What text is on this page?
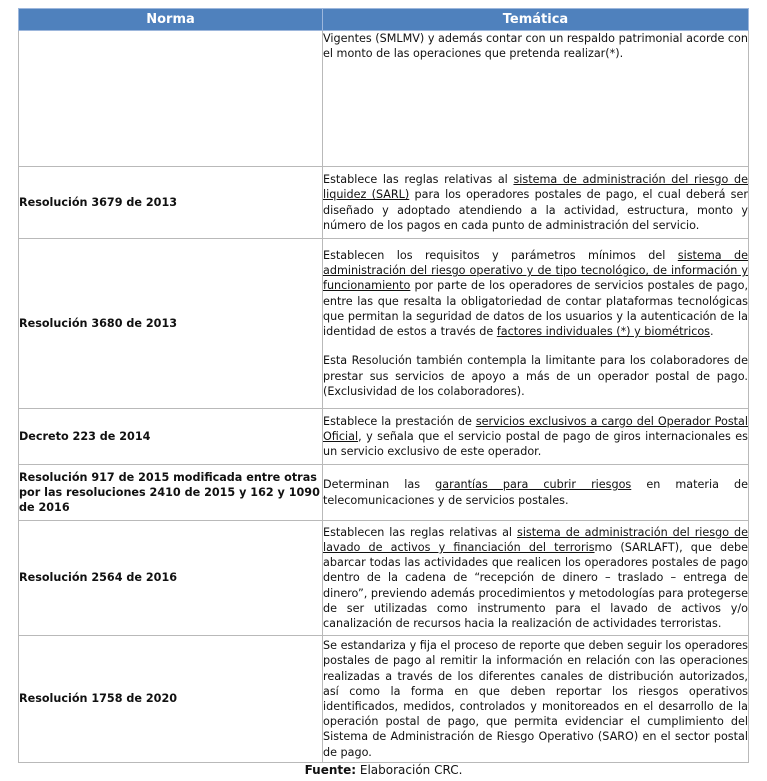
Norma	Temática

	Vigentes (SMLMV) y además contar con un respaldo patrimonial acorde con el monto de las operaciones que pretenda realizar(*).

Resolución 3679 de 2013	Establece las reglas relativas al sistema de administración del riesgo de liquidez (SARL) para los operadores postales de pago, el cual deberá ser diseñado y adoptado atendiendo a la actividad, estructura, monto y número de los pagos en cada punto de administración del servicio.

Resolución 3680 de 2013	Establecen los requisitos y parámetros mínimos del sistema de administración del riesgo operativo y de tipo tecnológico, de información y funcionamiento por parte de los operadores de servicios postales de pago, entre las que resalta la obligatoriedad de contar plataformas tecnológicas que permitan la seguridad de datos de los usuarios y la autenticación de la identidad de estos a través de factores individuales (*) y biométricos.

Esta Resolución también contempla la limitante para los colaboradores de prestar sus servicios de apoyo a más de un operador postal de pago. (Exclusividad de los colaboradores).

Decreto 223 de 2014	Establece la prestación de servicios exclusivos a cargo del Operador Postal Oficial, y señala que el servicio postal de pago de giros internacionales es un servicio exclusivo de este operador.

Resolución 917 de 2015 modificada entre otras por las resoluciones 2410 de 2015 y 162 y 1090 de 2016	Determinan las garantías para cubrir riesgos en materia de telecomunicaciones y de servicios postales.

Resolución 2564 de 2016	Establecen las reglas relativas al sistema de administración del riesgo de lavado de activos y financiación del terrorismo (SARLAFT), que debe abarcar todas las actividades que realicen los operadores postales de pago dentro de la cadena de “recepción de dinero – traslado – entrega de dinero”, previendo además procedimientos y metodologías para protegerse de ser utilizadas como instrumento para el lavado de activos y/o canalización de recursos hacia la realización de actividades terroristas.

Resolución 1758 de 2020	Se estandariza y fija el proceso de reporte que deben seguir los operadores postales de pago al remitir la información en relación con las operaciones realizadas a través de los diferentes canales de distribución autorizados, así como la forma en que deben reportar los riesgos operativos identificados, medidos, controlados y monitoreados en el desarrollo de la operación postal de pago, que permita evidenciar el cumplimiento del Sistema de Administración de Riesgo Operativo (SARO) en el sector postal de pago.

Fuente: Elaboración CRC.
